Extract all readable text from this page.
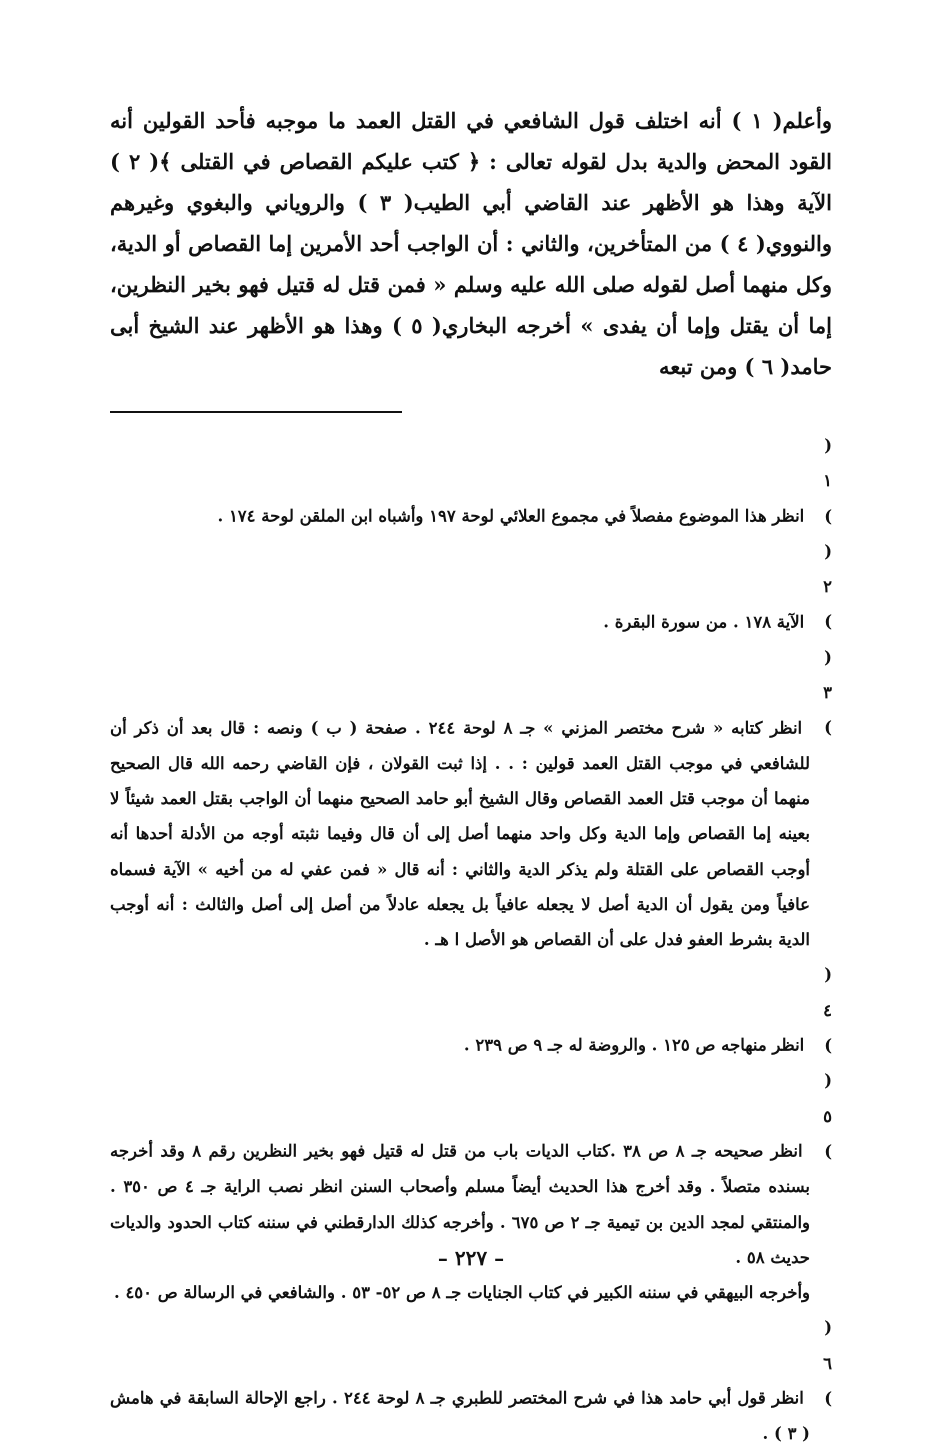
وأعلم( ١ ) أنه اختلف قول الشافعي في القتل العمد ما موجبه فأحد القولين أنه القود المحض والدية بدل لقوله تعالى : ﴿ كتب عليكم القصاص في القتلى ﴾( ٢ ) الآية وهذا هو الأظهر عند القاضي أبي الطيب( ٣ ) والروياني والبغوي وغيرهم والنووي( ٤ ) من المتأخرين، والثاني : أن الواجب أحد الأمرين إما القصاص أو الدية، وكل منهما أصل لقوله صلى الله عليه وسلم « فمن قتل له قتيل فهو بخير النظرين، إما أن يقتل وإما أن يفدى » أخرجه البخاري( ٥ ) وهذا هو الأظهر عند الشيخ أبى حامد( ٦ ) ومن تبعه

( ١ ) انظر هذا الموضوع مفصلاً في مجموع العلائي لوحة ١٩٧ وأشباه ابن الملقن لوحة ١٧٤ .

( ٢ ) الآية ١٧٨ . من سورة البقرة .

( ٣ ) انظر كتابه « شرح مختصر المزني » جـ ٨ لوحة ٢٤٤ . صفحة ( ب ) ونصه : قال بعد أن ذكر أن للشافعي في موجب القتل العمد قولين : . . إذا ثبت القولان ، فإن القاضي رحمه الله قال الصحيح منهما أن موجب قتل العمد القصاص وقال الشيخ أبو حامد الصحيح منهما أن الواجب بقتل العمد شيئاً لا بعينه إما القصاص وإما الدية وكل واحد منهما أصل إلى أن قال وفيما نثبته أوجه من الأدلة أحدها أنه أوجب القصاص على القتلة ولم يذكر الدية والثاني : أنه قال « فمن عفي له من أخيه » الآية فسماه عافياً ومن يقول أن الدية أصل لا يجعله عافياً بل يجعله عادلاً من أصل إلى أصل والثالث : أنه أوجب الدية بشرط العفو فدل على أن القصاص هو الأصل ا هـ .

( ٤ ) انظر منهاجه ص ١٢٥ . والروضة له جـ ٩ ص ٢٣٩ .

( ٥ ) انظر صحيحه جـ ٨ ص ٣٨ .كتاب الديات باب من قتل له قتيل فهو بخير النظرين رقم ٨ وقد أخرجه بسنده متصلاً . وقد أخرج هذا الحديث أيضاً مسلم وأصحاب السنن انظر نصب الراية جـ ٤ ص ٣٥٠ . والمنتقي لمجد الدين بن تيمية جـ ٢ ص ٦٧٥ . وأخرجه كذلك الدارقطني في سننه كتاب الحدود والديات حديث ٥٨ .

وأخرجه البيهقي في سننه الكبير في كتاب الجنايات جـ ٨ ص ٥٢- ٥٣ . والشافعي في الرسالة ص ٤٥٠ .

( ٦ ) انظر قول أبي حامد هذا في شرح المختصر للطبري جـ ٨ لوحة ٢٤٤ . راجع الإحالة السابقة في هامش ( ٣ ) .

– ٢٢٧ –
